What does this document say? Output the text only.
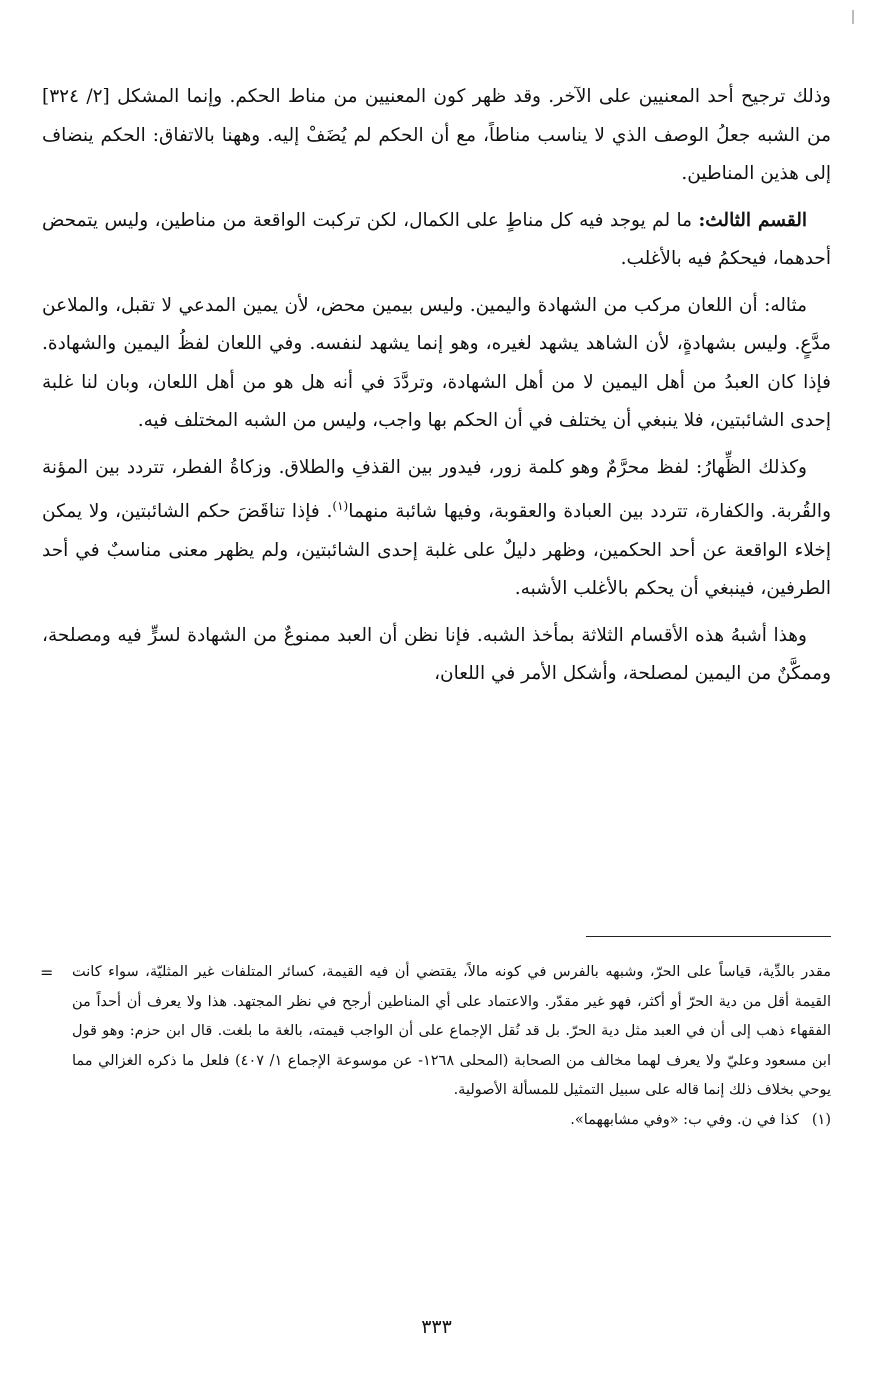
وذلك ترجيح أحد المعنيين على الآخر. وقد ظهر كون المعنيين من مناط الحكم. وإنما المشكل [٢/ ٣٢٤] من الشبه جعلُ الوصف الذي لا يناسب مناطاً، مع أن الحكم لم يُضَفْ إليه. وههنا بالاتفاق: الحكم ينضاف إلى هذين المناطين.

القسم الثالث: ما لم يوجد فيه كل مناطٍ على الكمال، لكن تركبت الواقعة من مناطين، وليس يتمحض أحدهما، فيحكمُ فيه بالأغلب.

مثاله: أن اللعان مركب من الشهادة واليمين. وليس بيمين محض، لأن يمين المدعي لا تقبل، والملاعن مدَّعٍ. وليس بشهادةٍ، لأن الشاهد يشهد لغيره، وهو إنما يشهد لنفسه. وفي اللعان لفظُ اليمين والشهادة. فإذا كان العبدُ من أهل اليمين لا من أهل الشهادة، وتردَّدَ في أنه هل هو من أهل اللعان، وبان لنا غلبة إحدى الشائبتين، فلا ينبغي أن يختلف في أن الحكم بها واجب، وليس من الشبه المختلف فيه.

وكذلك الظِّهارُ: لفظ محرَّمٌ وهو كلمة زور، فيدور بين القذفِ والطلاق. وزكاةُ الفطر، تتردد بين المؤنة والقُربة. والكفارة، تتردد بين العبادة والعقوبة، وفيها شائبة منهما$^{(١)}$. فإذا تناقَضَ حكم الشائبتين، ولا يمكن إخلاء الواقعة عن أحد الحكمين، وظهر دليلٌ على غلبة إحدى الشائبتين، ولم يظهر معنى مناسبٌ في أحد الطرفين، فينبغي أن يحكم بالأغلب الأشبه.

وهذا أشبهُ هذه الأقسام الثلاثة بمأخذ الشبه. فإنا نظن أن العبد ممنوعٌ من الشهادة لسرٍّ فيه ومصلحة، وممكَّنٌ من اليمين لمصلحة، وأشكل الأمر في اللعان،

مقدر بالدِّية، قياساً على الحرّ، وشبهه بالفرس في كونه مالاً، يقتضي أن فيه القيمة، كسائر المتلفات غير المثليّة، سواء كانت القيمة أقل من دية الحرّ أو أكثر، فهو غير مقدّر. والاعتماد على أي المناطين أرجح في نظر المجتهد. هذا ولا يعرف أن أحداً من الفقهاء ذهب إلى أن في العبد مثل دية الحرّ. بل قد نُقل الإجماع على أن الواجب قيمته، بالغة ما بلغت. قال ابن حزم: وهو قول ابن مسعود وعليّ ولا يعرف لهما مخالف من الصحابة (المحلى ١٢٦٨- عن موسوعة الإجماع ١/ ٤٠٧) فلعل ما ذكره الغزالي مما يوحي بخلاف ذلك إنما قاله على سبيل التمثيل للمسألة الأصولية.
=
(١)
كذا في ن. وفي ب: «وفي مشابههما».
٣٣٣
